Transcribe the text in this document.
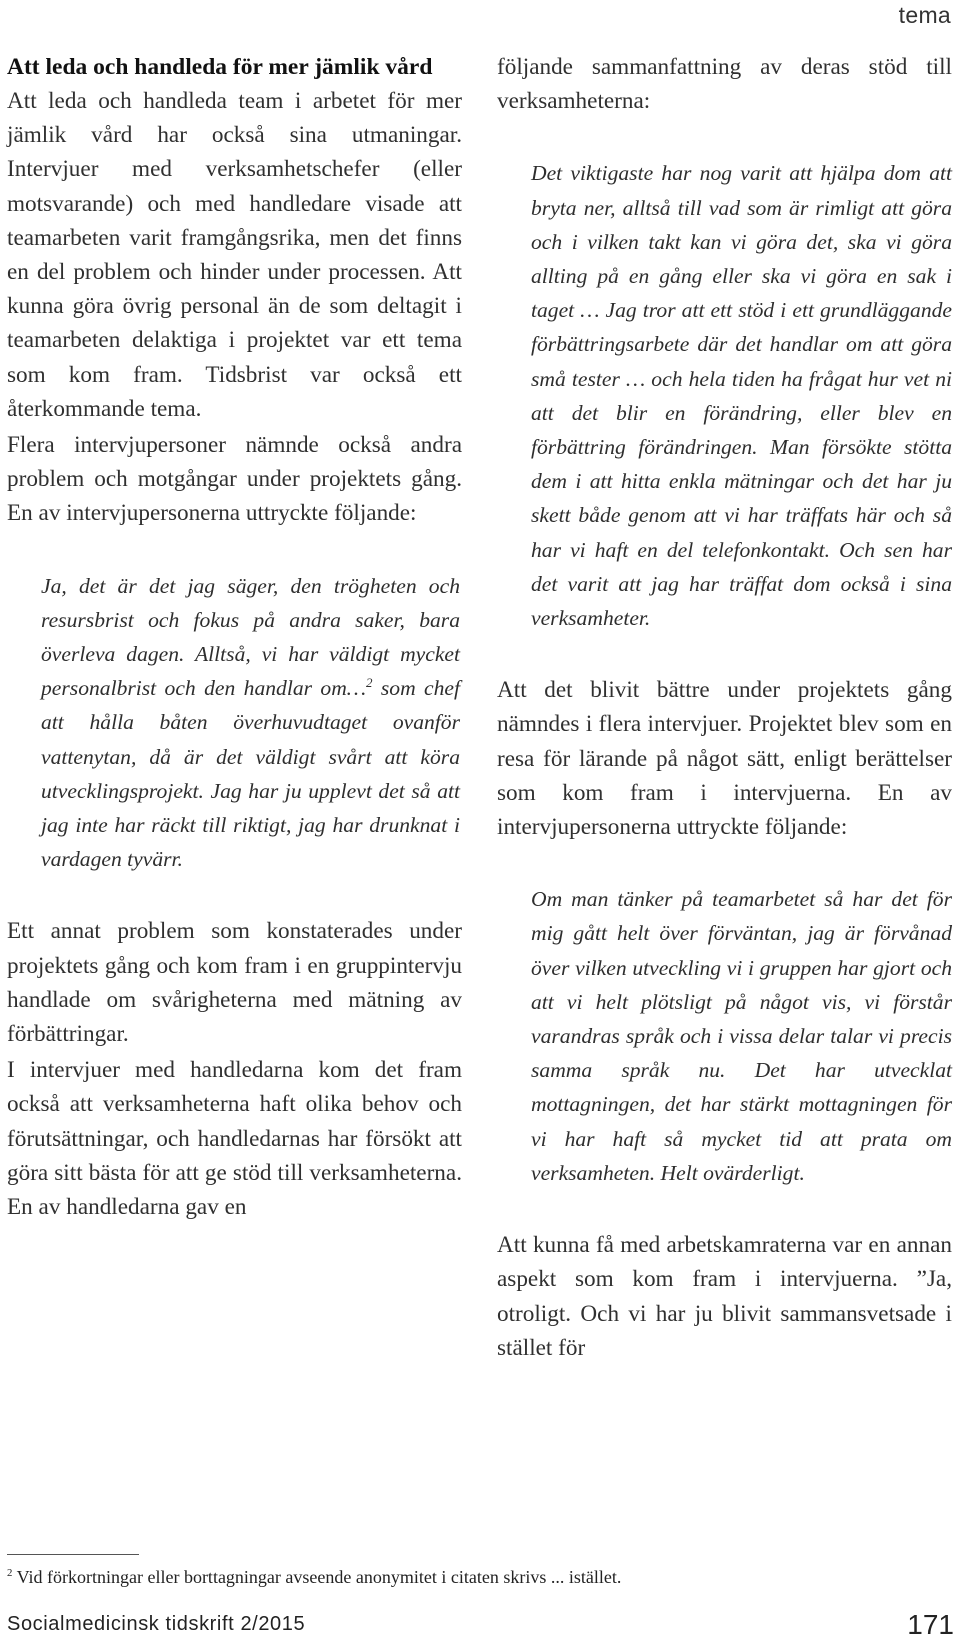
tema
Att leda och handleda för mer jämlik vård

Att leda och handleda team i arbetet för mer jämlik vård har också sina utmaningar. Intervjuer med verksamhetschefer (eller motsvarande) och med handledare visade att teamarbeten varit framgångsrika, men det finns en del problem och hinder under processen. Att kunna göra övrig personal än de som deltagit i teamarbeten delaktiga i projektet var ett tema som kom fram. Tidsbrist var också ett återkommande tema.

Flera intervjupersoner nämnde också andra problem och motgångar under projektets gång. En av intervjupersonerna uttryckte följande:

Ja, det är det jag säger, den trögheten och resursbrist och fokus på andra saker, bara överleva dagen. Alltså, vi har väldigt mycket personalbrist och den handlar om…$^2$ som chef att hålla båten överhuvudtaget ovanför vattenytan, då är det väldigt svårt att köra utvecklingsprojekt. Jag har ju upplevt det så att jag inte har räckt till riktigt, jag har drunknat i vardagen tyvärr.

Ett annat problem som konstaterades under projektets gång och kom fram i en gruppintervju handlade om svårigheterna med mätning av förbättringar.

I intervjuer med handledarna kom det fram också att verksamheterna haft olika behov och förutsättningar, och handledarnas har försökt att göra sitt bästa för att ge stöd till verksamheterna. En av handledarna gav en

följande sammanfattning av deras stöd till verksamheterna:

Det viktigaste har nog varit att hjälpa dom att bryta ner, alltså till vad som är rimligt att göra och i vilken takt kan vi göra det, ska vi göra allting på en gång eller ska vi göra en sak i taget … Jag tror att ett stöd i ett grundläggande förbättringsarbete där det handlar om att göra små tester … och hela tiden ha frågat hur vet ni att det blir en förändring, eller blev en förbättring förändringen. Man försökte stötta dem i att hitta enkla mätningar och det har ju skett både genom att vi har träffats här och så har vi haft en del telefonkontakt. Och sen har det varit att jag har träffat dom också i sina verksamheter.

Att det blivit bättre under projektets gång nämndes i flera intervjuer. Projektet blev som en resa för lärande på något sätt, enligt berättelser som kom fram i intervjuerna. En av intervjupersonerna uttryckte följande:

Om man tänker på teamarbetet så har det för mig gått helt över förväntan, jag är förvånad över vilken utveckling vi i gruppen har gjort och att vi helt plötsligt på något vis, vi förstår varandras språk och i vissa delar talar vi precis samma språk nu. Det har utvecklat mottagningen, det har stärkt mottagningen för vi har haft så mycket tid att prata om verksamheten. Helt ovärderligt.

Att kunna få med arbetskamraterna var en annan aspekt som kom fram i intervjuerna. ”Ja, otroligt. Och vi har ju blivit sammansvetsade i stället för

$^2$ Vid förkortningar eller borttagningar avseende anonymitet i citaten skrivs ... istället.
Socialmedicinsk tidskrift 2/2015	171
